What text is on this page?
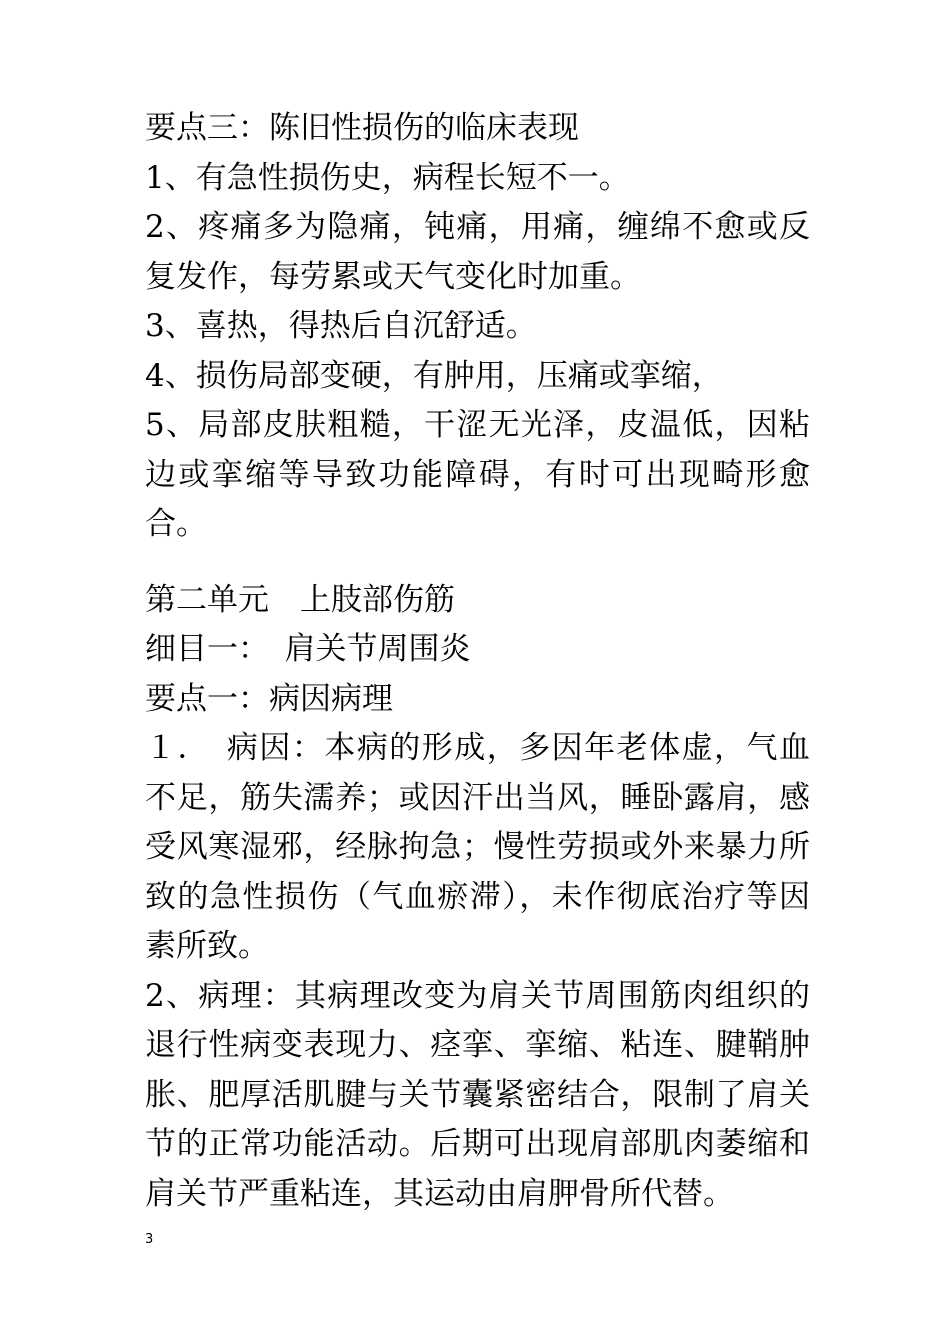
要点三：陈旧性损伤的临床表现

1、有急性损伤史，病程长短不一。

2、疼痛多为隐痛，钝痛，用痛，缠绵不愈或反复发作，每劳累或天气变化时加重。

3、喜热，得热后自沉舒适。

4、损伤局部变硬，有肿用，压痛或挛缩，

5、局部皮肤粗糙，干涩无光泽，皮温低，因粘边或挛缩等导致功能障碍，有时可出现畸形愈合。

第二单元　上肢部伤筋

细目一：　肩关节周围炎

要点一：病因病理

１．　病因：本病的形成，多因年老体虚，气血不足，筋失濡养；或因汗出当风，睡卧露肩，感受风寒湿邪，经脉拘急；慢性劳损或外来暴力所致的急性损伤（气血瘀滞），未作彻底治疗等因素所致。

2、病理：其病理改变为肩关节周围筋肉组织的退行性病变表现力、痉挛、挛缩、粘连、腱鞘肿胀、肥厚活肌腱与关节囊紧密结合，限制了肩关节的正常功能活动。后期可出现肩部肌肉萎缩和肩关节严重粘连，其运动由肩胛骨所代替。

3
